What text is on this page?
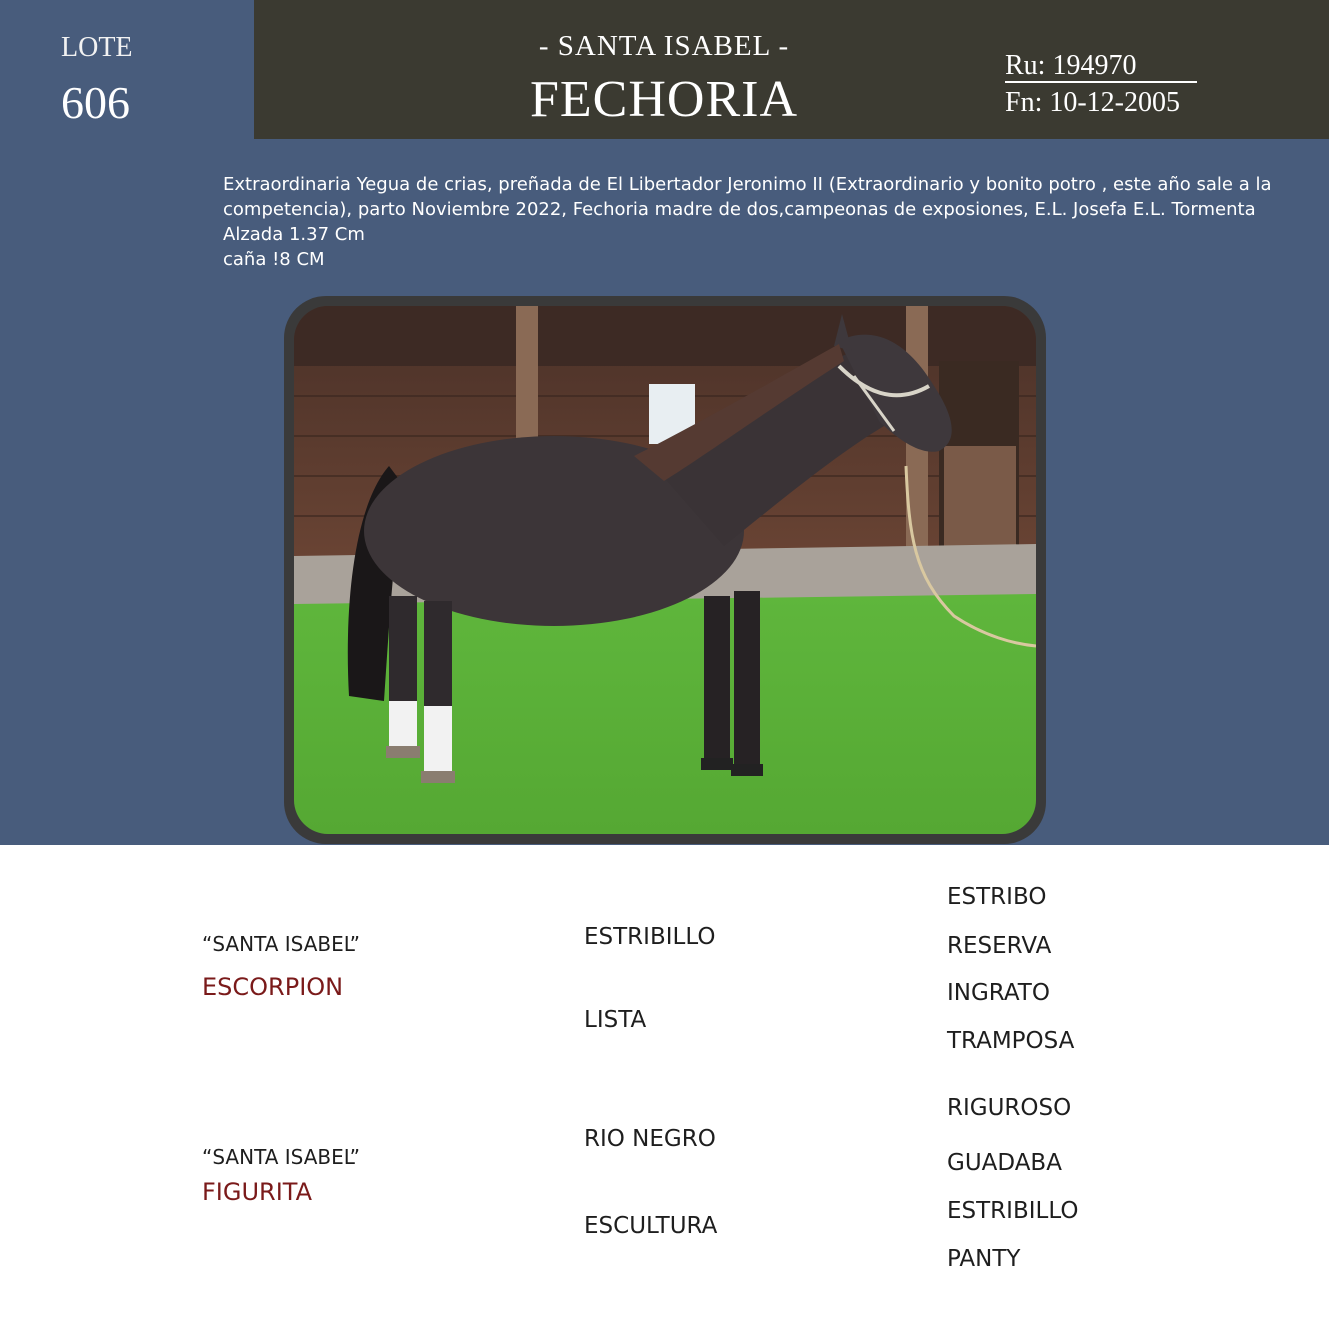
LOTE
606
- SANTA ISABEL -
FECHORIA
Ru: 194970
Fn: 10-12-2005
Extraordinaria Yegua de crias, preñada de El Libertador Jeronimo II (Extraordinario y bonito potro , este año sale a la
competencia), parto Noviembre 2022, Fechoria madre de dos,campeonas de exposiones, E.L. Josefa E.L. Tormenta
Alzada 1.37 Cm
caña !8 CM
“SANTA ISABEL”
ESCORPION
“SANTA ISABEL”
FIGURITA
ESTRIBILLO
LISTA
RIO NEGRO
ESCULTURA
ESTRIBO
RESERVA
INGRATO
TRAMPOSA
RIGUROSO
GUADABA
ESTRIBILLO
PANTY
